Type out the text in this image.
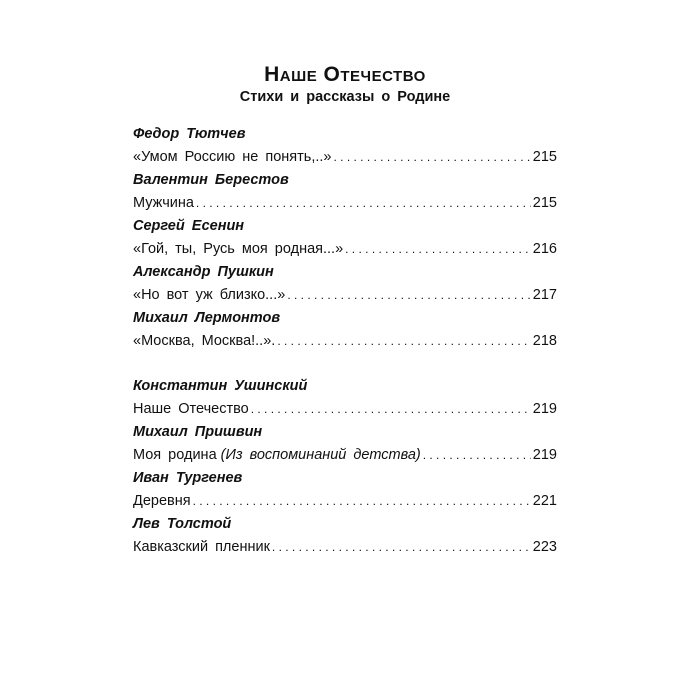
Наше Отечество
Стихи и рассказы о Родине
Федор Тютчев
«Умом Россию не понять,..» . . .	215
Валентин Берестов
Мужчина . . .	215
Сергей Есенин
«Гой, ты, Русь моя родная...» . . .	216
Александр Пушкин
«Но вот уж близко...» . . .	217
Михаил Лермонтов
«Москва, Москва!..». . . .	218
Константин Ушинский
Наше Отечество . . .	219
Михаил Пришвин
Моя родина (Из воспоминаний детства) . . .	219
Иван Тургенев
Деревня . . .	221
Лев Толстой
Кавказский пленник . . .	223
